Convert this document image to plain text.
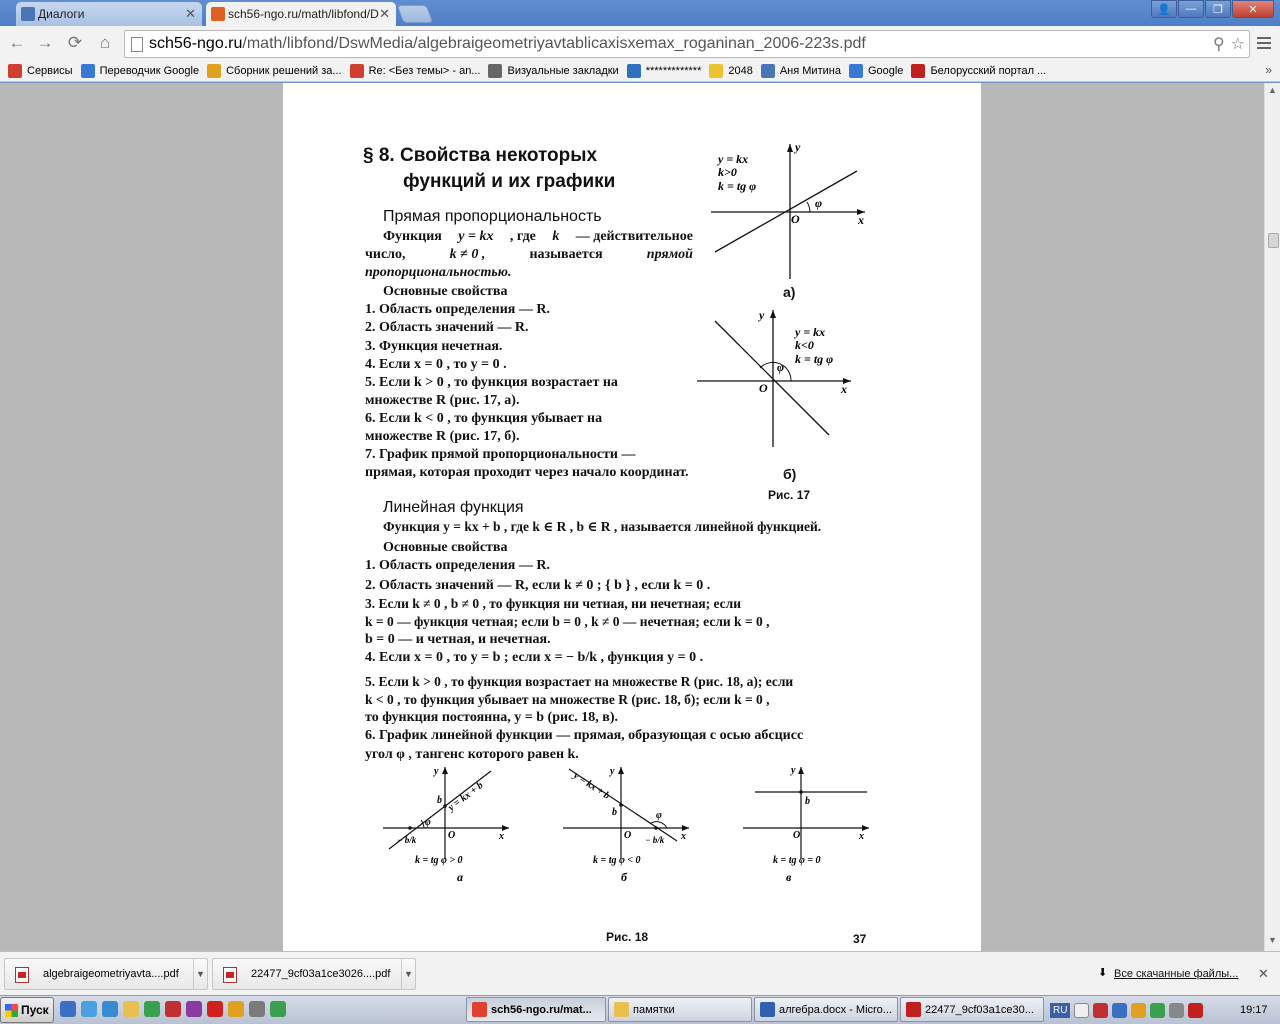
Диалоги	✕	sch56-ngo.ru/math/libfond/D ✕	👤	—	❐	✕
← → ⟳	⌂	sch56-ngo.ru /math/libfond/DswMedia/algebraigeometriyavtablicaxisxemax_roganinan_2006-223s.pdf	⚲ ☆
Сервисы Переводчик Google Сборник решений за... Re: <Без темы> - an... Визуальные закладки ************* 2048 Аня Митина Google Белорусский портал ...	»
▲
▼
§ 8. Свойства некоторых
функций и их графики
Прямая пропорциональность
Функция y = kx , где k — действительное
число,	k ≠ 0 ,	называется	прямой
пропорциональностью.
Основные свойства
1. Область определения — R.
2. Область значений — R.
3. Функция нечетная.
4. Если x = 0 , то y = 0 .
5. Если k > 0 , то функция возрастает на
множестве R (рис. 17, а).
6. Если k < 0 , то функция убывает на
множестве R (рис. 17, б).
7. График прямой пропорциональности —
прямая, которая проходит через начало координат.
φ
O	x
y
y = kx
k>0
k = tg φ
а)
φ
O	x
y
y = kx
k<0
k = tg φ
б)
Рис. 17
Линейная функция
Функция y = kx + b , где k ∈ R , b ∈ R , называется линейной функцией.
Основные свойства
1. Область определения — R.
2. Область значений — R, если k ≠ 0 ; { b } , если k = 0 .
3. Если k ≠ 0 , b ≠ 0 , то функция ни четная, ни нечетная; если
k = 0 — функция четная; если b = 0 , k ≠ 0 — нечетная; если k = 0 ,
b = 0 — и четная, и нечетная.
4. Если x = 0 , то y = b ; если x = − b/k , функция y = 0 .
5. Если k > 0 , то функция возрастает на множестве R (рис. 18, а); если
k < 0 , то функция убывает на множестве R (рис. 18, б); если k = 0 ,
то функция постоянна, y = b (рис. 18, в).
6. График линейной функции — прямая, образующая с осью абсцисс
угол φ , тангенс которого равен k.
φ
b
O	x
y
y = kx + b
− b/k
k = tg φ > 0
а
φ
b
O	x
y
y = kx + b
− b/k
k = tg φ < 0
б
b
O	x
y
k = tg φ = 0
в
Рис. 18	37
algebraigeometriyavta....pdf	▼	22477_9cf03a1ce3026....pdf	▼	⬇ Все скачанные файлы... ✕
Пуск	sch56-ngo.ru/mat...	памятки	алгебра.docx - Micro...	22477_9cf03a1ce30...	RU	19:17
